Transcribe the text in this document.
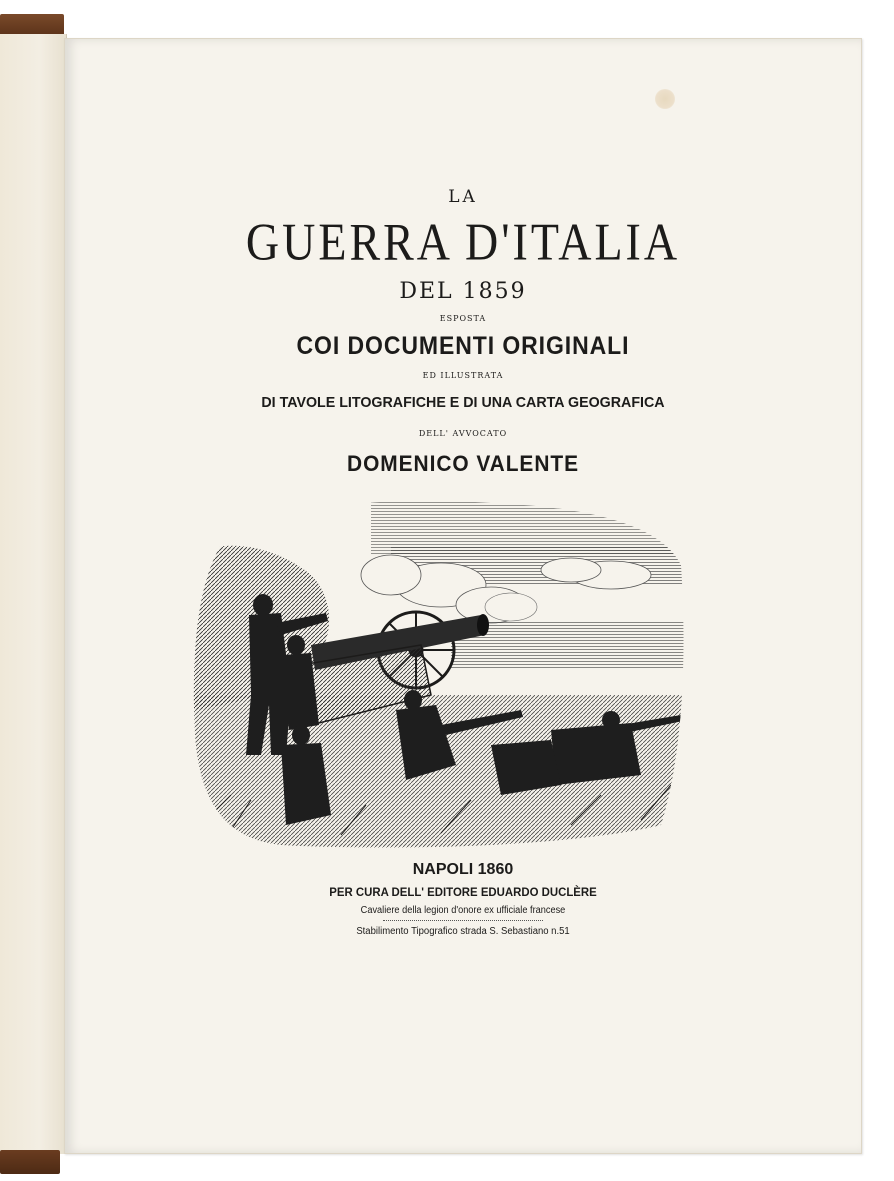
LA
GUERRA D'ITALIA
DEL 1859
ESPOSTA
COI DOCUMENTI ORIGINALI
ED ILLUSTRATA
DI TAVOLE LITOGRAFICHE E DI UNA CARTA GEOGRAFICA
DELL' AVVOCATO
DOMENICO VALENTE
NAPOLI 1860
PER CURA DELL' EDITORE EDUARDO DUCLÈRE
Cavaliere della legion d'onore ex ufficiale francese
Stabilimento Tipografico strada S. Sebastiano n.51
